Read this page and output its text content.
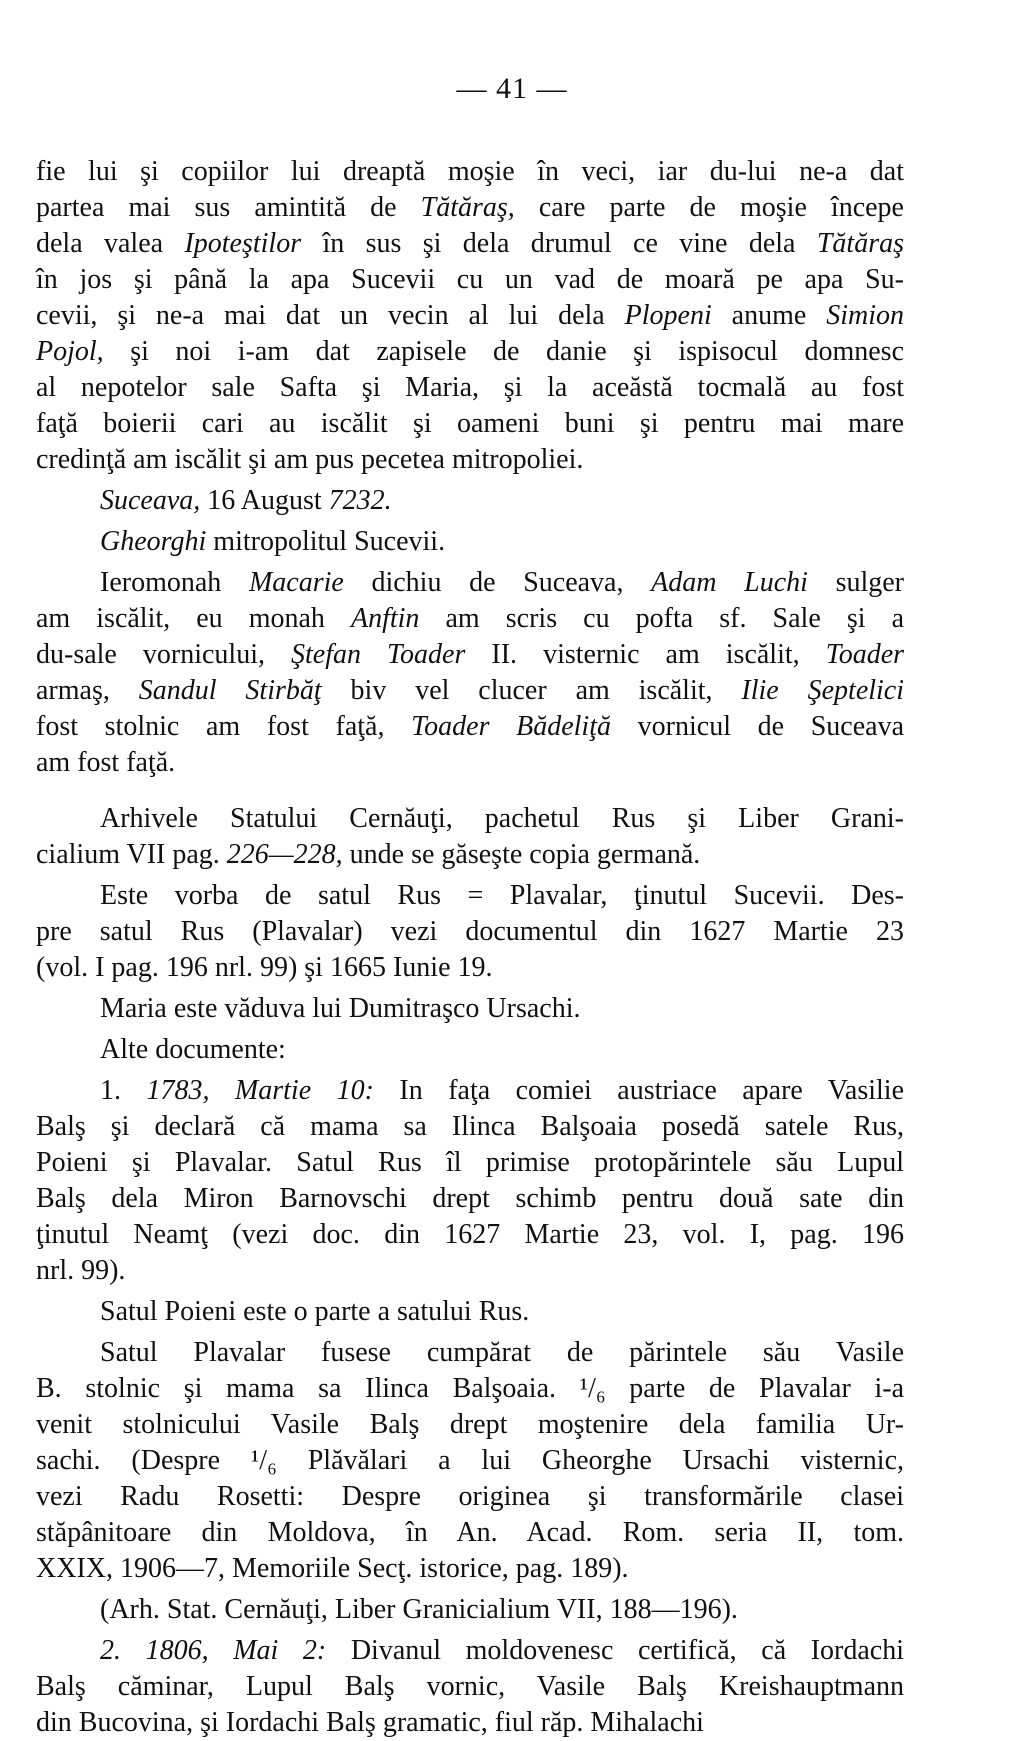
— 41 —
fie lui şi copiilor lui dreaptă moşie în veci, iar du-lui ne-a dat
partea mai sus amintită de Tătăraş, care parte de moşie începe
dela valea Ipoteştilor în sus şi dela drumul ce vine dela Tătăraş
în jos şi până la apa Sucevii cu un vad de moară pe apa Su-
cevii, şi ne-a mai dat un vecin al lui dela Plopeni anume Simion
Pojol, şi noi i-am dat zapisele de danie şi ispisocul domnesc
al nepotelor sale Safta şi Maria, şi la aceăstă tocmală au fost
faţă boierii cari au iscălit şi oameni buni şi pentru mai mare
credinţă am iscălit şi am pus pecetea mitropoliei.
Suceava, 16 August 7232.
Gheorghi mitropolitul Sucevii.
Ieromonah Macarie dichiu de Suceava, Adam Luchi sulger
am iscălit, eu monah Anftin am scris cu pofta sf. Sale şi a
du-sale vornicului, Ştefan Toader II. visternic am iscălit, Toader
armaş, Sandul Stirbăţ biv vel clucer am iscălit, Ilie Şeptelici
fost stolnic am fost faţă, Toader Bădeliţă vornicul de Suceava
am fost faţă.
Arhivele Statului Cernăuţi, pachetul Rus şi Liber Grani-
cialium VII pag. 226—228, unde se găseşte copia germană.
Este vorba de satul Rus = Plavalar, ţinutul Sucevii. Des-
pre satul Rus (Plavalar) vezi documentul din 1627 Martie 23
(vol. I pag. 196 nrl. 99) şi 1665 Iunie 19.
Maria este văduva lui Dumitraşco Ursachi.
Alte documente:
1. 1783, Martie 10: In faţa comiei austriace apare Vasilie
Balş şi declară că mama sa Ilinca Balşoaia posedă satele Rus,
Poieni şi Plavalar. Satul Rus îl primise protopărintele său Lupul
Balş dela Miron Barnovschi drept schimb pentru două sate din
ţinutul Neamţ (vezi doc. din 1627 Martie 23, vol. I, pag. 196
nrl. 99).
Satul Poieni este o parte a satului Rus.
Satul Plavalar fusese cumpărat de părintele său Vasile
B. stolnic şi mama sa Ilinca Balşoaia. ¹/₆ parte de Plavalar i-a
venit stolnicului Vasile Balş drept moştenire dela familia Ur-
sachi. (Despre ¹/₆ Plăvălari a lui Gheorghe Ursachi visternic,
vezi Radu Rosetti: Despre originea şi transformările clasei
stăpânitoare din Moldova, în An. Acad. Rom. seria II, tom.
XXIX, 1906—7, Memoriile Secţ. istorice, pag. 189).
(Arh. Stat. Cernăuţi, Liber Granicialium VII, 188—196).
2. 1806, Mai 2: Divanul moldovenesc certifică, că Iordachi
Balş căminar, Lupul Balş vornic, Vasile Balş Kreishauptmann
din Bucovina, şi Iordachi Balş gramatic, fiul răp. Mihalachi
